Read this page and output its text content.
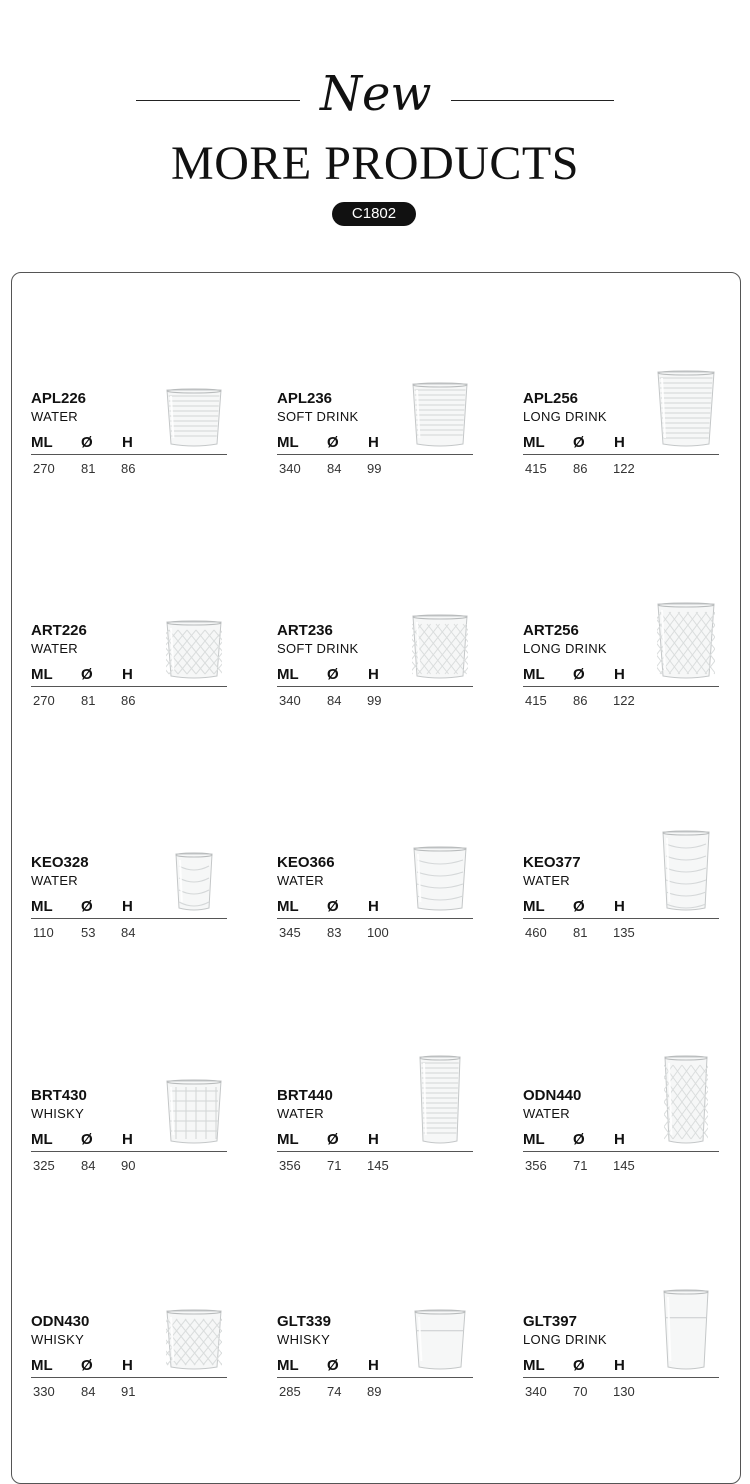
New
MORE PRODUCTS
C1802
APL226
WATER
ML Ø H
270 81 86
APL236
SOFT DRINK
ML Ø H
340 84 99
APL256
LONG DRINK
ML Ø H
415 86 122
ART226
WATER
ML Ø H
270 81 86
ART236
SOFT DRINK
ML Ø H
340 84 99
ART256
LONG DRINK
ML Ø H
415 86 122
KEO328
WATER
ML Ø H
110 53 84
KEO366
WATER
ML Ø H
345 83 100
KEO377
WATER
ML Ø H
460 81 135
BRT430
WHISKY
ML Ø H
325 84 90
BRT440
WATER
ML Ø H
356 71 145
ODN440
WATER
ML Ø H
356 71 145
ODN430
WHISKY
ML Ø H
330 84 91
GLT339
WHISKY
ML Ø H
285 74 89
GLT397
LONG DRINK
ML Ø H
340 70 130
